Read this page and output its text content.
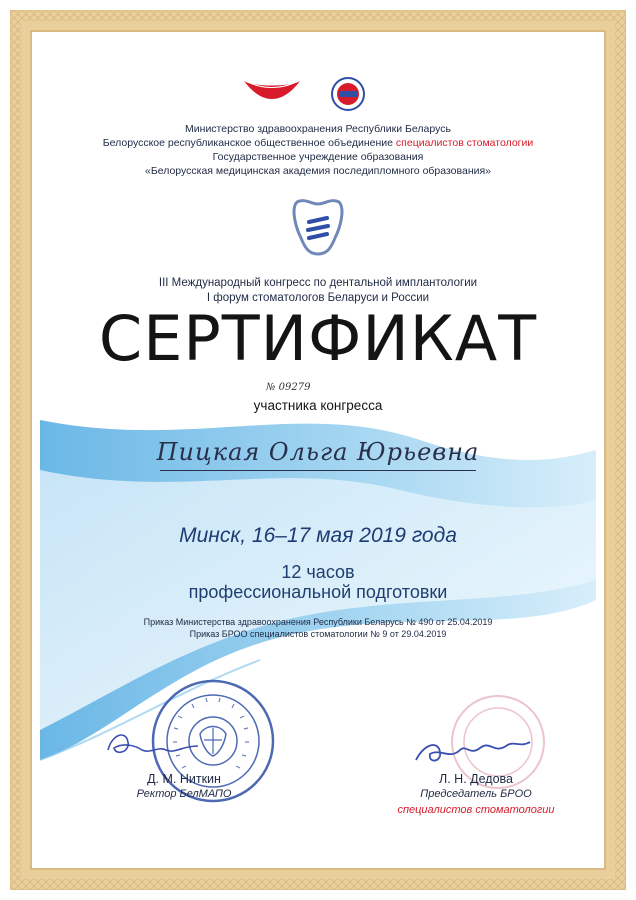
Министерство здравоохранения Республики Беларусь
Белорусское республиканское общественное объединение специалистов стоматологии
Государственное учреждение образования
«Белорусская медицинская академия последипломного образования»
III Международный конгресс по дентальной имплантологии
I форум стоматологов Беларуси и России
СЕРТИФИКАТ
№ 09279
участника конгресса
Пицкая Ольга Юрьевна
Минск, 16–17 мая 2019 года
12 часов
профессиональной подготовки
Приказ Министерства здравоохранения Республики Беларусь № 490 от 25.04.2019
Приказ БРОО специалистов стоматологии № 9 от 29.04.2019
Д. М. Ниткин
Ректор БелМАПО
Л. Н. Дедова
Председатель БРОО
специалистов стоматологии
